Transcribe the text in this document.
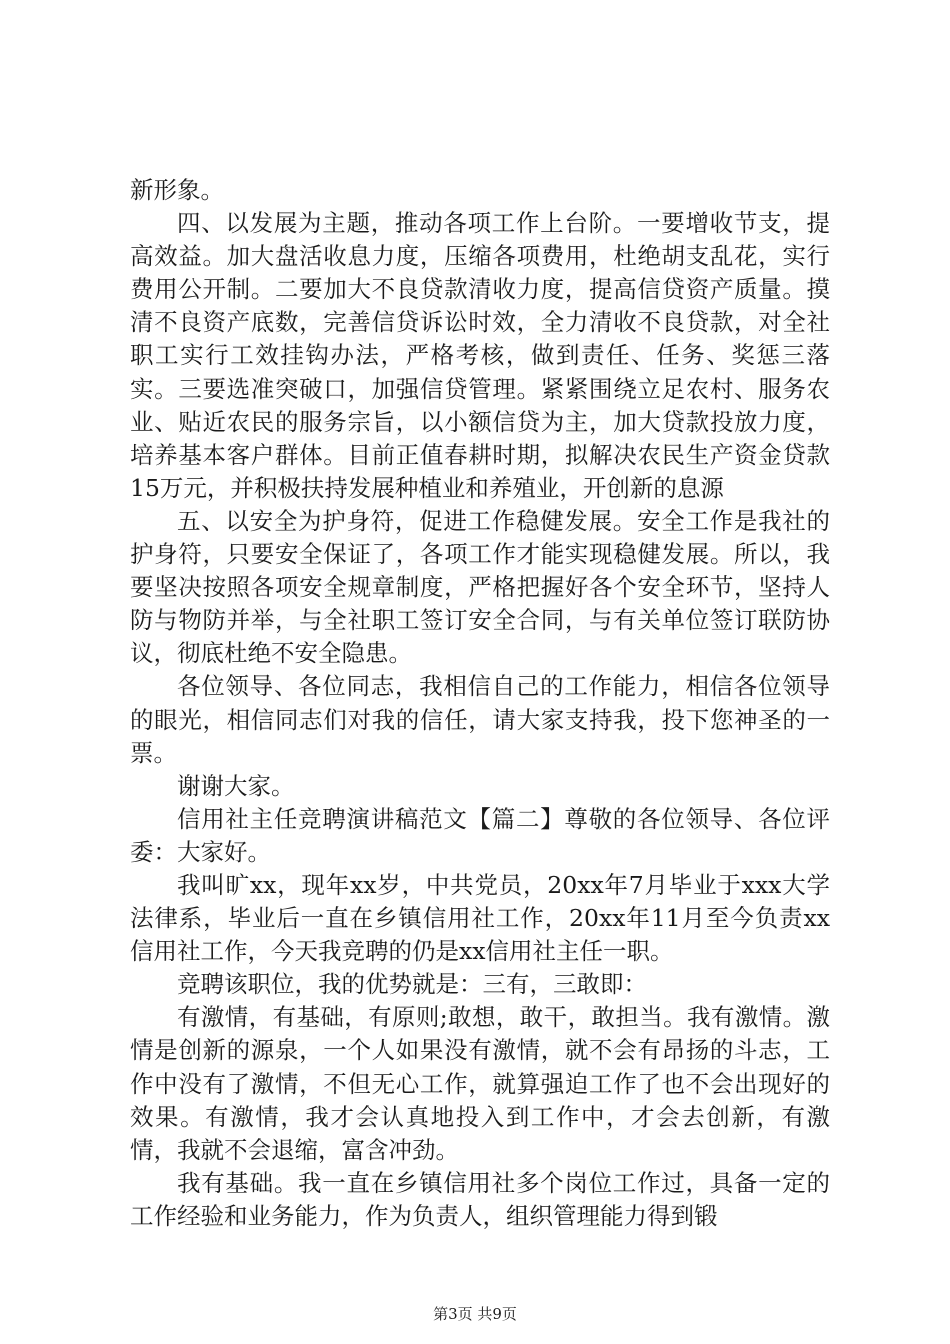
新形象。

四、以发展为主题，推动各项工作上台阶。一要增收节支，提高效益。加大盘活收息力度，压缩各项费用，杜绝胡支乱花，实行费用公开制。二要加大不良贷款清收力度，提高信贷资产质量。摸清不良资产底数，完善信贷诉讼时效，全力清收不良贷款，对全社职工实行工效挂钩办法，严格考核，做到责任、任务、奖惩三落实。三要选准突破口，加强信贷管理。紧紧围绕立足农村、服务农业、贴近农民的服务宗旨，以小额信贷为主，加大贷款投放力度，培养基本客户群体。目前正值春耕时期，拟解决农民生产资金贷款15万元，并积极扶持发展种植业和养殖业，开创新的息源

五、以安全为护身符，促进工作稳健发展。安全工作是我社的护身符，只要安全保证了，各项工作才能实现稳健发展。所以，我要坚决按照各项安全规章制度，严格把握好各个安全环节，坚持人防与物防并举，与全社职工签订安全合同，与有关单位签订联防协议，彻底杜绝不安全隐患。

各位领导、各位同志，我相信自己的工作能力，相信各位领导的眼光，相信同志们对我的信任，请大家支持我，投下您神圣的一票。

谢谢大家。

信用社主任竞聘演讲稿范文【篇二】尊敬的各位领导、各位评委：大家好。

我叫旷xx，现年xx岁，中共党员，20xx年7月毕业于xxx大学法律系，毕业后一直在乡镇信用社工作，20xx年11月至今负责xx信用社工作，今天我竞聘的仍是xx信用社主任一职。

竞聘该职位，我的优势就是：三有，三敢即：

有激情，有基础，有原则;敢想，敢干，敢担当。我有激情。激情是创新的源泉，一个人如果没有激情，就不会有昂扬的斗志，工作中没有了激情，不但无心工作，就算强迫工作了也不会出现好的效果。有激情，我才会认真地投入到工作中，才会去创新，有激情，我就不会退缩，富含冲劲。

我有基础。我一直在乡镇信用社多个岗位工作过，具备一定的工作经验和业务能力，作为负责人，组织管理能力得到锻

第3页 共9页
